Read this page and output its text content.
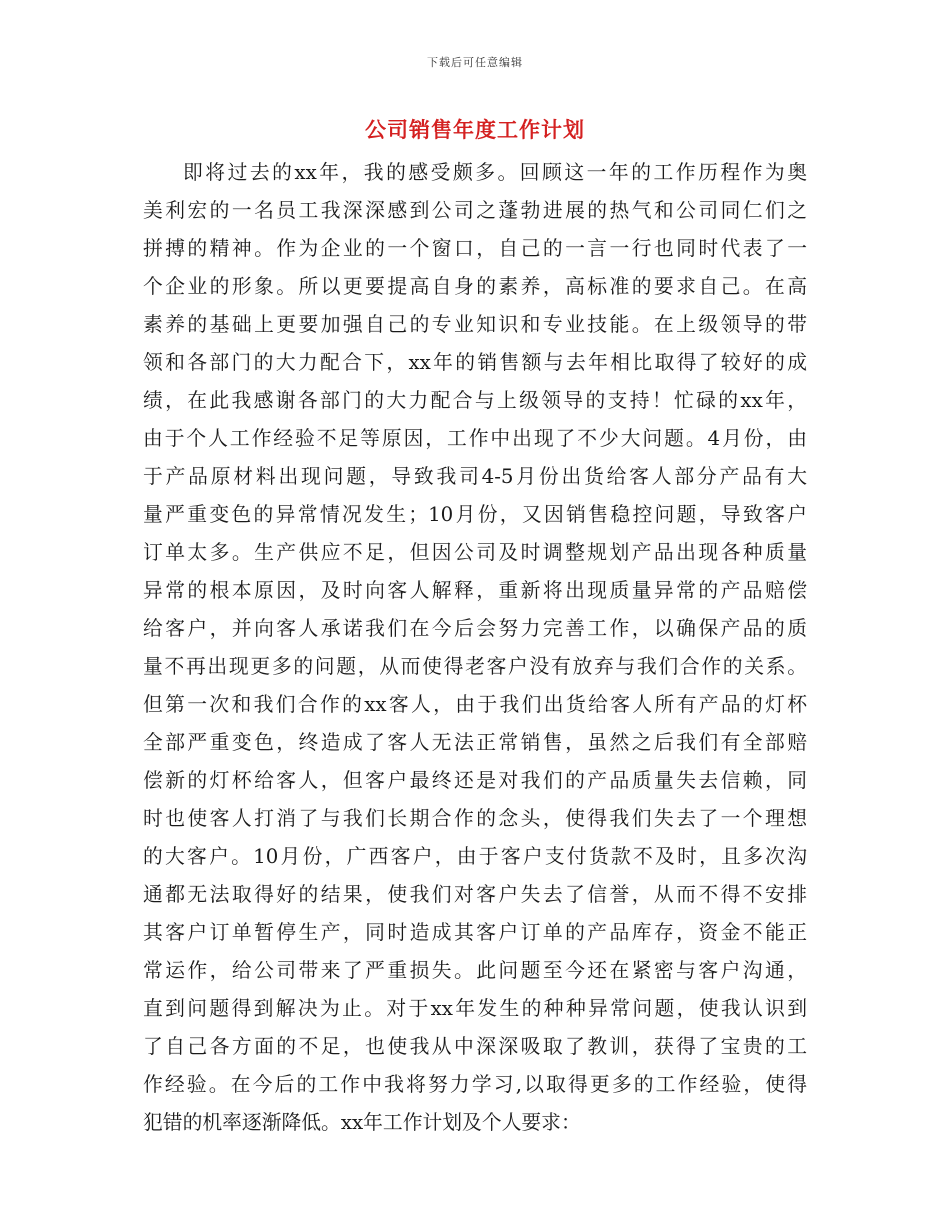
下载后可任意编辑
公司销售年度工作计划
即将过去的xx年，我的感受颇多。回顾这一年的工作历程作为奥
美利宏的一名员工我深深感到公司之蓬勃进展的热气和公司同仁们之
拼搏的精神。作为企业的一个窗口，自己的一言一行也同时代表了一
个企业的形象。所以更要提高自身的素养，高标准的要求自己。在高
素养的基础上更要加强自己的专业知识和专业技能。在上级领导的带
领和各部门的大力配合下，xx年的销售额与去年相比取得了较好的成
绩，在此我感谢各部门的大力配合与上级领导的支持！忙碌的xx年，
由于个人工作经验不足等原因，工作中出现了不少大问题。4月份，由
于产品原材料出现问题，导致我司4-5月份出货给客人部分产品有大
量严重变色的异常情况发生；10月份，又因销售稳控问题，导致客户
订单太多。生产供应不足，但因公司及时调整规划产品出现各种质量
异常的根本原因，及时向客人解释，重新将出现质量异常的产品赔偿
给客户，并向客人承诺我们在今后会努力完善工作，以确保产品的质
量不再出现更多的问题，从而使得老客户没有放弃与我们合作的关系。
但第一次和我们合作的xx客人，由于我们出货给客人所有产品的灯杯
全部严重变色，终造成了客人无法正常销售，虽然之后我们有全部赔
偿新的灯杯给客人，但客户最终还是对我们的产品质量失去信赖，同
时也使客人打消了与我们长期合作的念头，使得我们失去了一个理想
的大客户。10月份，广西客户，由于客户支付货款不及时，且多次沟
通都无法取得好的结果，使我们对客户失去了信誉，从而不得不安排
其客户订单暂停生产，同时造成其客户订单的产品库存，资金不能正
常运作，给公司带来了严重损失。此问题至今还在紧密与客户沟通，
直到问题得到解决为止。对于xx年发生的种种异常问题，使我认识到
了自己各方面的不足，也使我从中深深吸取了教训，获得了宝贵的工
作经验。在今后的工作中我将努力学习,以取得更多的工作经验，使得
犯错的机率逐渐降低。xx年工作计划及个人要求：
